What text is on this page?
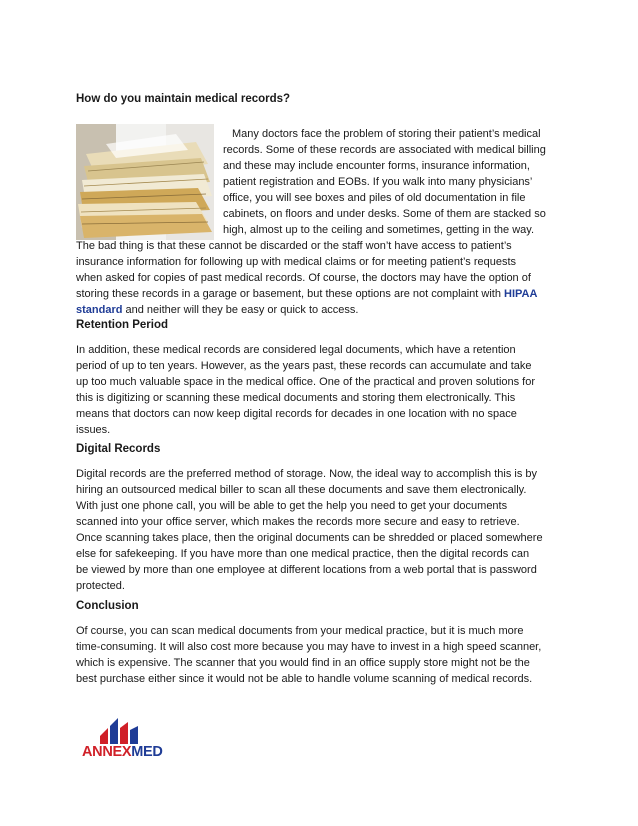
How do you maintain medical records?
Many doctors face the problem of storing their patient’s medical
records. Some of these records are associated with medical billing
and these may include encounter forms, insurance information,
patient registration and EOBs. If you walk into many physicians’
office, you will see boxes and piles of old documentation in file
cabinets, on floors and under desks. Some of them are stacked so
high, almost up to the ceiling and sometimes, getting in the way.
The bad thing is that these cannot be discarded or the staff won’t have access to patient’s
insurance information for following up with medical claims or for meeting patient’s requests
when asked for copies of past medical records. Of course, the doctors may have the option of
storing these records in a garage or basement, but these options are not complaint with HIPAA
standard and neither will they be easy or quick to access.
Retention Period
In addition, these medical records are considered legal documents, which have a retention
period of up to ten years. However, as the years past, these records can accumulate and take
up too much valuable space in the medical office. One of the practical and proven solutions for
this is digitizing or scanning these medical documents and storing them electronically. This
means that doctors can now keep digital records for decades in one location with no space
issues.
Digital Records
Digital records are the preferred method of storage. Now, the ideal way to accomplish this is by
hiring an outsourced medical biller to scan all these documents and save them electronically.
With just one phone call, you will be able to get the help you need to get your documents
scanned into your office server, which makes the records more secure and easy to retrieve.
Once scanning takes place, then the original documents can be shredded or placed somewhere
else for safekeeping. If you have more than one medical practice, then the digital records can
be viewed by more than one employee at different locations from a web portal that is password
protected.
Conclusion
Of course, you can scan medical documents from your medical practice, but it is much more
time-consuming. It will also cost more because you may have to invest in a high speed scanner,
which is expensive. The scanner that you would find in an office supply store might not be the
best purchase either since it would not be able to handle volume scanning of medical records.
ANNEXMED
